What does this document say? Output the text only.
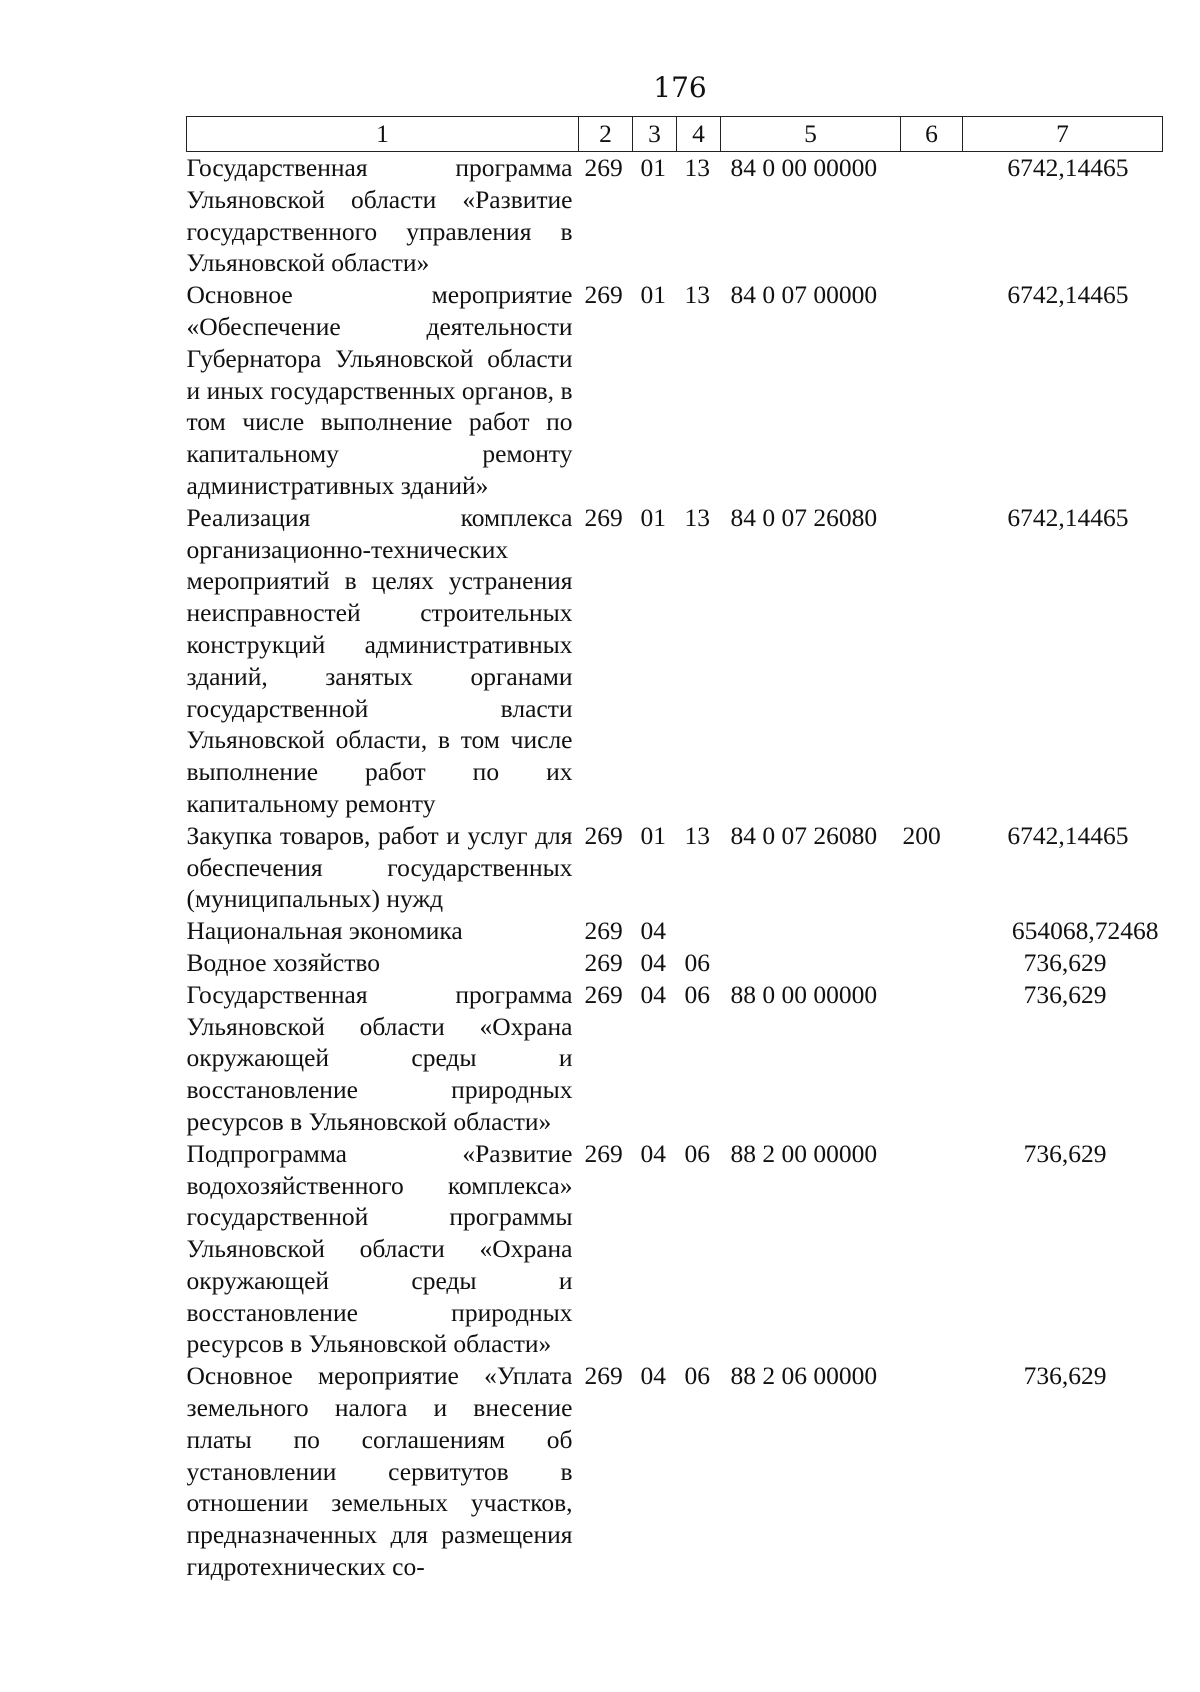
176
1	2	3	4	5	6	7
Государственная программа Ульяновской области «Развитие государственного управления в Ульяновской области»	269	01	13	84 0 00 00000		6742,14465
Основное мероприятие «Обеспечение деятельности Губернатора Ульяновской области и иных государственных органов, в том числе выполнение работ по капитальному ремонту административных зданий»	269	01	13	84 0 07 00000		6742,14465
Реализация комплекса организационно-технических мероприятий в целях устранения неисправностей строительных конструкций административных зданий, занятых органами государственной власти Ульяновской области, в том числе выполнение работ по их капитальному ремонту	269	01	13	84 0 07 26080		6742,14465
Закупка товаров, работ и услуг для обеспечения государственных (муниципальных) нужд	269	01	13	84 0 07 26080	200	6742,14465
Национальная экономика	269	04				654068,72468
Водное хозяйство	269	04	06			736,629
Государственная программа Ульяновской области «Охрана окружающей среды и восстановление природных ресурсов в Ульяновской области»	269	04	06	88 0 00 00000		736,629
Подпрограмма «Развитие водохозяйственного комплекса» государственной программы Ульяновской области «Охрана окружающей среды и восстановление природных ресурсов в Ульяновской области»	269	04	06	88 2 00 00000		736,629
Основное мероприятие «Уплата земельного налога и внесение платы по соглашениям об установлении сервитутов в отношении земельных участков, предназначенных для размещения гидротехнических со-	269	04	06	88 2 06 00000		736,629
